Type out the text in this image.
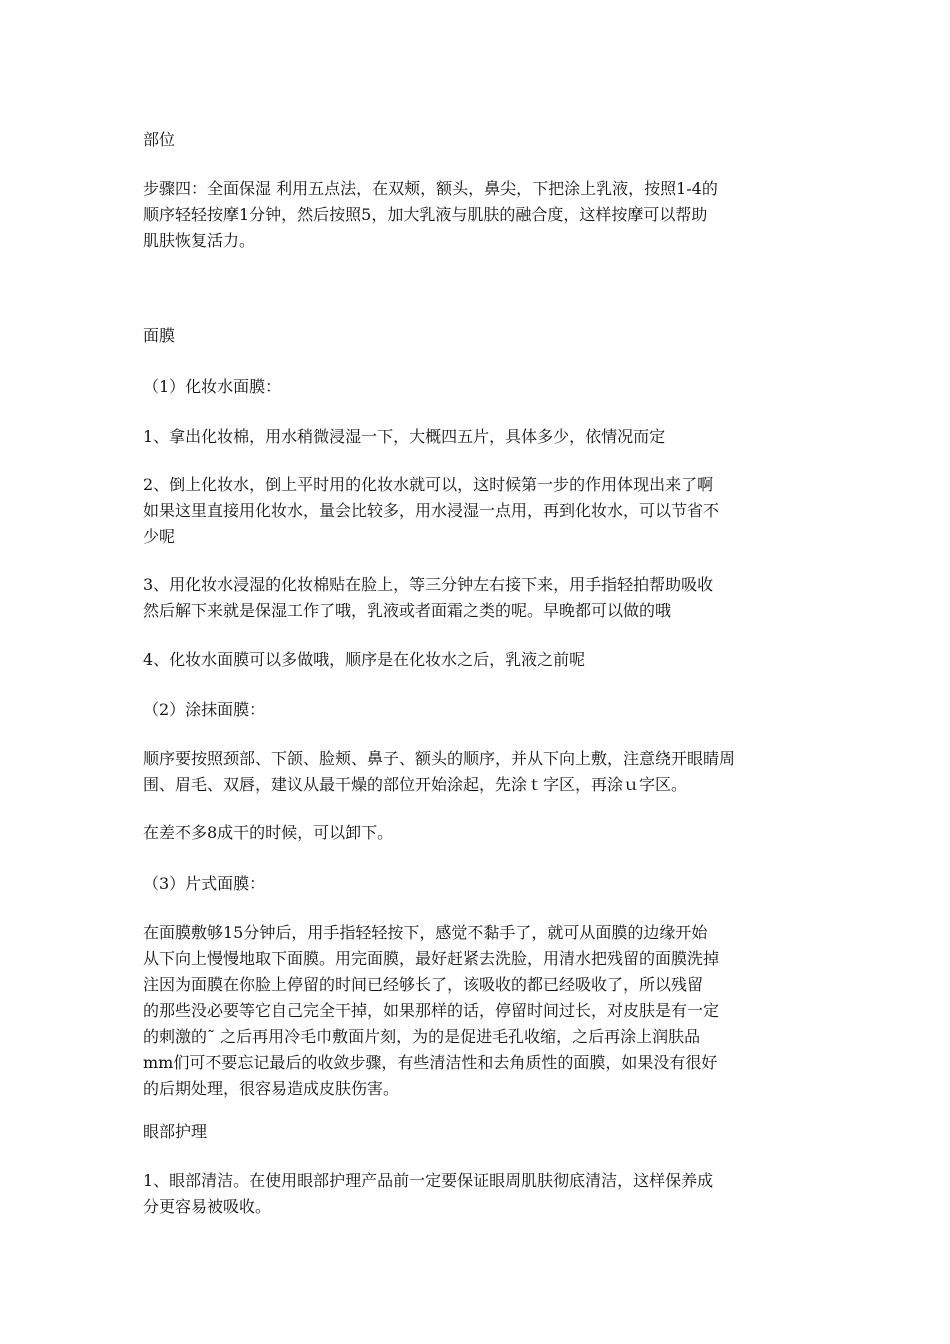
部位

步骤四：全面保湿 利用五点法，在双颊，额头，鼻尖，下把涂上乳液，按照1-4的
顺序轻轻按摩1分钟，然后按照5，加大乳液与肌肤的融合度，这样按摩可以帮助
肌肤恢复活力。

面膜

（1）化妆水面膜：

1、拿出化妆棉，用水稍微浸湿一下，大概四五片，具体多少，依情况而定

2、倒上化妆水，倒上平时用的化妆水就可以，这时候第一步的作用体现出来了啊
如果这里直接用化妆水，量会比较多，用水浸湿一点用，再到化妆水，可以节省不
少呢

3、用化妆水浸湿的化妆棉贴在脸上，等三分钟左右接下来，用手指轻拍帮助吸收
然后解下来就是保湿工作了哦，乳液或者面霜之类的呢。早晚都可以做的哦

4、化妆水面膜可以多做哦，顺序是在化妆水之后，乳液之前呢

（2）涂抹面膜：

顺序要按照颈部、下颌、脸颊、鼻子、额头的顺序，并从下向上敷，注意绕开眼睛周
围、眉毛、双唇，建议从最干燥的部位开始涂起，先涂ｔ字区，再涂ｕ字区。

在差不多8成干的时候，可以卸下。

（3）片式面膜：

在面膜敷够15分钟后，用手指轻轻按下，感觉不黏手了，就可从面膜的边缘开始
从下向上慢慢地取下面膜。用完面膜，最好赶紧去洗脸，用清水把残留的面膜洗掉
注因为面膜在你脸上停留的时间已经够长了，该吸收的都已经吸收了，所以残留
的那些没必要等它自己完全干掉，如果那样的话，停留时间过长，对皮肤是有一定
的刺激的˜ 之后再用冷毛巾敷面片刻，为的是促进毛孔收缩，之后再涂上润肤品
mm们可不要忘记最后的收敛步骤，有些清洁性和去角质性的面膜，如果没有很好
的后期处理，很容易造成皮肤伤害。

眼部护理

1、眼部清洁。在使用眼部护理产品前一定要保证眼周肌肤彻底清洁，这样保养成
分更容易被吸收。
